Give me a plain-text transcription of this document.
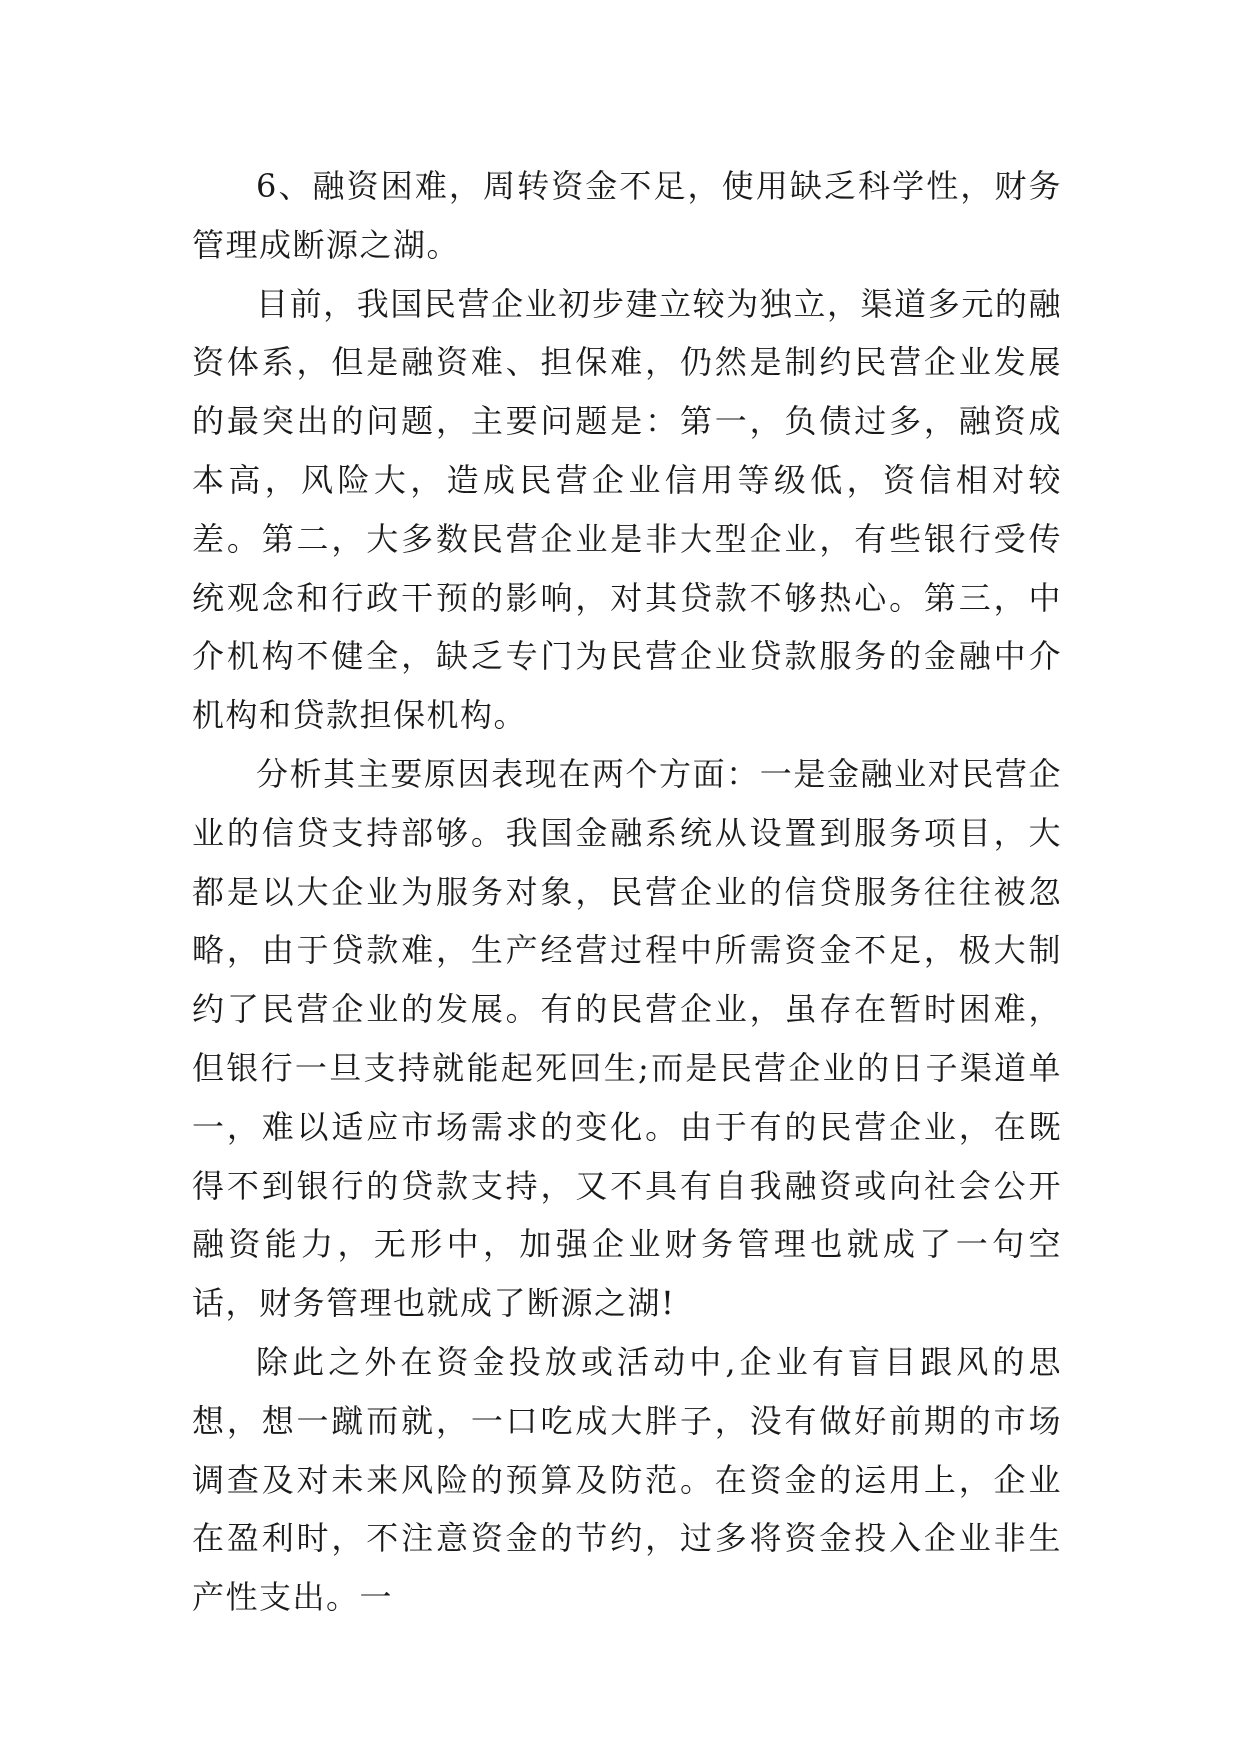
6、融资困难，周转资金不足，使用缺乏科学性，财务管理成断源之湖。

目前，我国民营企业初步建立较为独立，渠道多元的融资体系，但是融资难、担保难，仍然是制约民营企业发展的最突出的问题，主要问题是：第一，负债过多，融资成本高，风险大，造成民营企业信用等级低，资信相对较差。第二，大多数民营企业是非大型企业，有些银行受传统观念和行政干预的影响，对其贷款不够热心。第三，中介机构不健全，缺乏专门为民营企业贷款服务的金融中介机构和贷款担保机构。

分析其主要原因表现在两个方面：一是金融业对民营企业的信贷支持部够。我国金融系统从设置到服务项目，大都是以大企业为服务对象，民营企业的信贷服务往往被忽略，由于贷款难，生产经营过程中所需资金不足，极大制约了民营企业的发展。有的民营企业，虽存在暂时困难，但银行一旦支持就能起死回生;而是民营企业的日子渠道单一，难以适应市场需求的变化。由于有的民营企业，在既得不到银行的贷款支持，又不具有自我融资或向社会公开融资能力，无形中，加强企业财务管理也就成了一句空话，财务管理也就成了断源之湖!

除此之外在资金投放或活动中,企业有盲目跟风的思想，想一蹴而就，一口吃成大胖子，没有做好前期的市场调查及对未来风险的预算及防范。在资金的运用上，企业在盈利时，不注意资金的节约，过多将资金投入企业非生产性支出。一
